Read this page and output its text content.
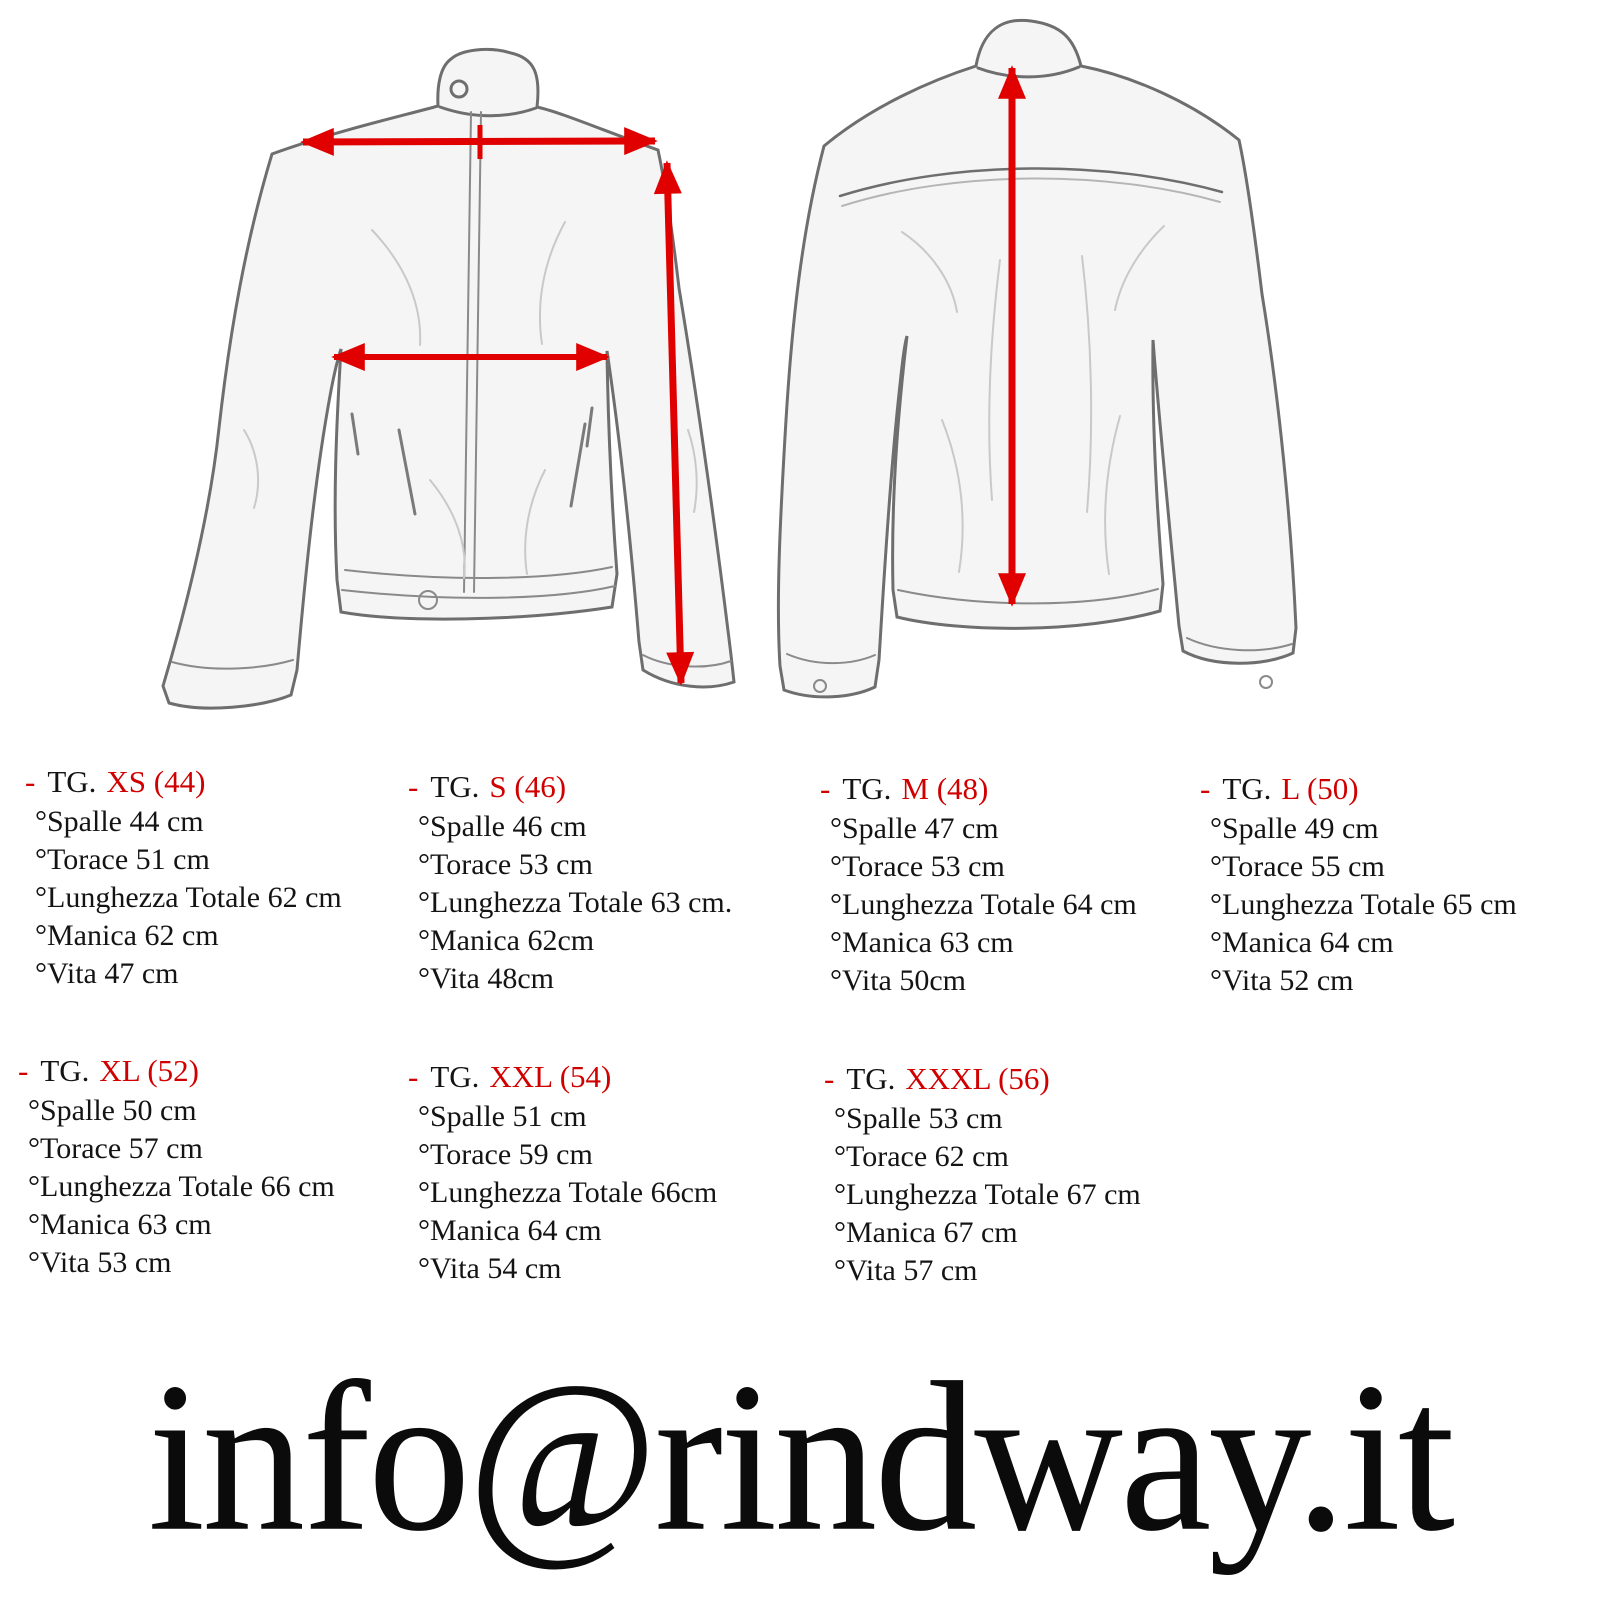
- TG. XS (44)
°Spalle 44 cm
°Torace 51 cm
°Lunghezza Totale 62 cm
°Manica 62 cm
°Vita 47 cm
- TG. S (46)
°Spalle 46 cm
°Torace 53 cm
°Lunghezza Totale 63 cm.
°Manica 62cm
°Vita 48cm
- TG. M (48)
°Spalle 47 cm
°Torace 53 cm
°Lunghezza Totale 64 cm
°Manica 63 cm
°Vita 50cm
- TG. L (50)
°Spalle 49 cm
°Torace 55 cm
°Lunghezza Totale 65 cm
°Manica 64 cm
°Vita 52 cm
- TG. XL (52)
°Spalle 50 cm
°Torace 57 cm
°Lunghezza Totale 66 cm
°Manica 63 cm
°Vita 53 cm
- TG. XXL (54)
°Spalle 51 cm
°Torace 59 cm
°Lunghezza Totale 66cm
°Manica 64 cm
°Vita 54 cm
- TG. XXXL (56)
°Spalle 53 cm
°Torace 62 cm
°Lunghezza Totale 67 cm
°Manica 67 cm
°Vita 57 cm
info@rindway.it
